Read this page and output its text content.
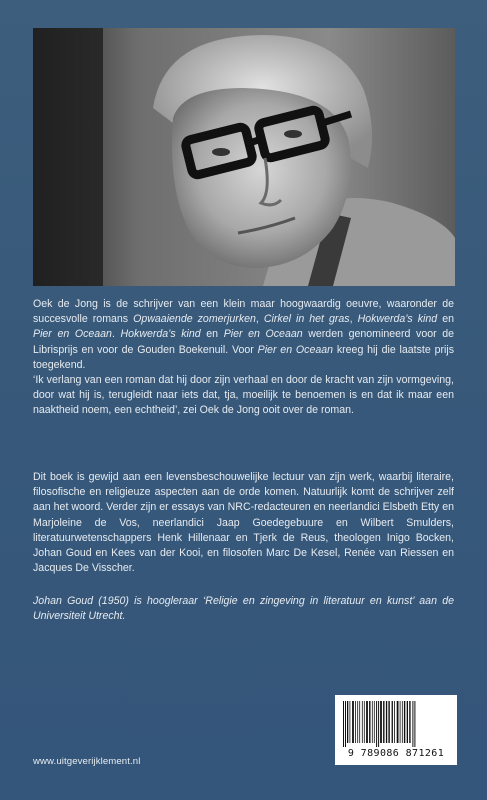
Oek de Jong is de schrijver van een klein maar hoogwaardig oeuvre, waaronder de succesvolle romans Opwaaiende zomerjurken, Cirkel in het gras, Hokwerda’s kind en Pier en Oceaan. Hokwerda’s kind en Pier en Oceaan werden genomineerd voor de Librisprijs en voor de Gouden Boekenuil. Voor Pier en Oceaan kreeg hij die laatste prijs toegekend.
‘Ik verlang van een roman dat hij door zijn verhaal en door de kracht van zijn vormgeving, door wat hij is, terugleidt naar iets dat, tja, moeilijk te benoemen is en dat ik maar een naaktheid noem, een echtheid’, zei Oek de Jong ooit over de roman.

Dit boek is gewijd aan een levensbeschouwelijke lectuur van zijn werk, waarbij literaire, filosofische en religieuze aspecten aan de orde komen. Natuurlijk komt de schrijver zelf aan het woord. Verder zijn er essays van NRC-redacteuren en neerlandici Elsbeth Etty en Marjoleine de Vos, neerlandici Jaap Goedegebuure en Wilbert Smulders, literatuurwetenschappers Henk Hillenaar en Tjerk de Reus, theologen Inigo Bocken, Johan Goud en Kees van der Kooi, en filosofen Marc De Kesel, Renée van Riessen en Jacques De Visscher.

Johan Goud (1950) is hoogleraar ‘Religie en zingeving in literatuur en kunst’ aan de Universiteit Utrecht.

www.uitgeverijklement.nl
9 789086 871261
